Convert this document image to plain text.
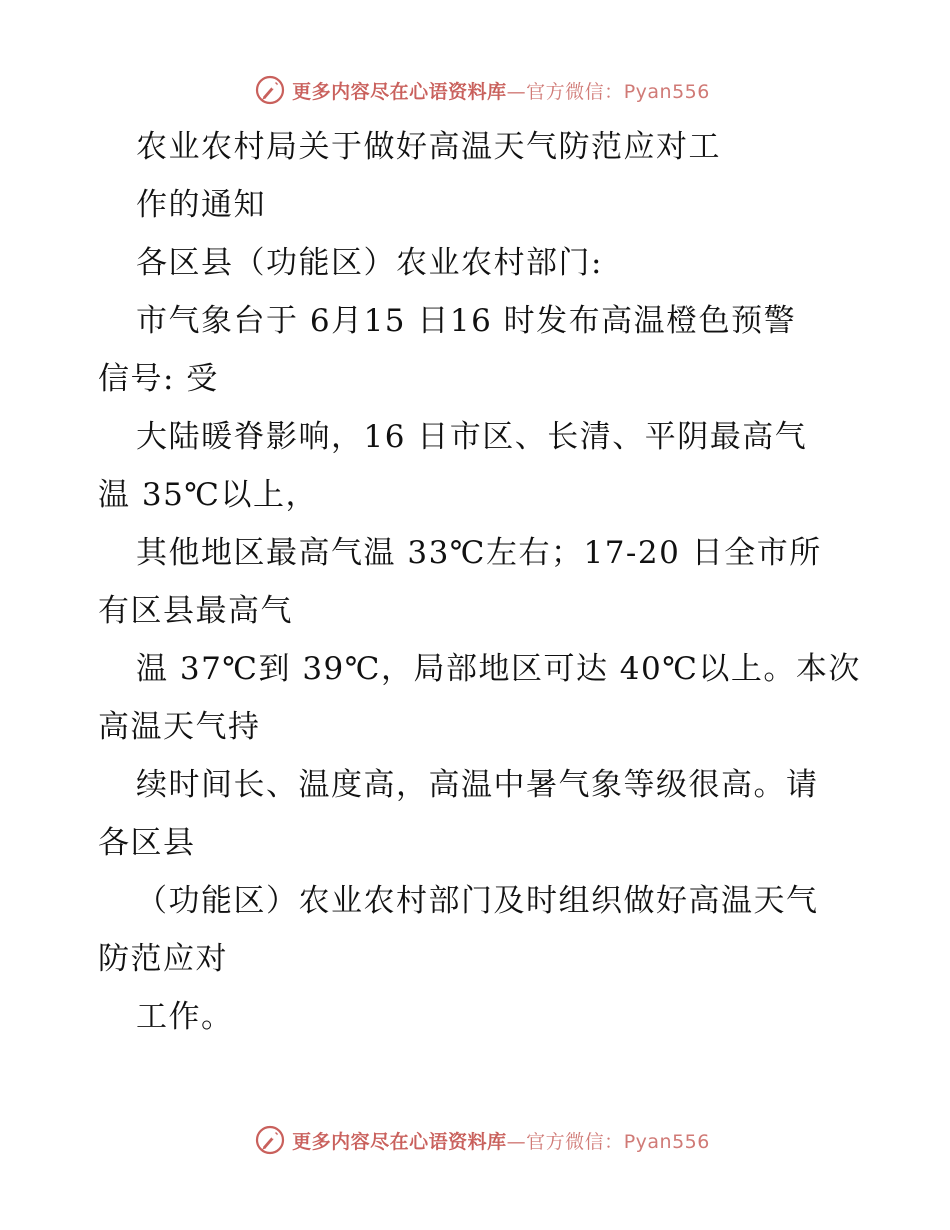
更多内容尽在心语资料库—官方微信：Pyan556
农业农村局关于做好高温天气防范应对工
作的通知
各区县（功能区）农业农村部门:
市气象台于 6月15 日16 时发布高温橙色预警
信号: 受
大陆暖脊影响，16 日市区、长清、平阴最高气
温 35℃以上，
其他地区最高气温 33℃左右；17-20 日全市所
有区县最高气
温 37℃到 39℃，局部地区可达 40℃以上。本次
高温天气持
续时间长、温度高，高温中暑气象等级很高。请
各区县
（功能区）农业农村部门及时组织做好高温天气
防范应对
工作。
更多内容尽在心语资料库—官方微信：Pyan556
